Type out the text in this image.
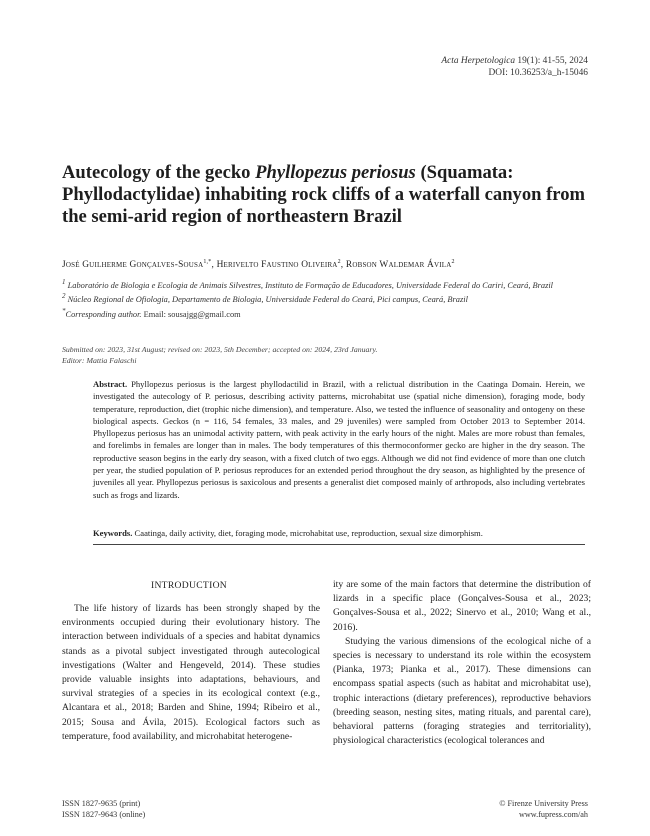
Acta Herpetologica 19(1): 41-55, 2024
DOI: 10.36253/a_h-15046
Autecology of the gecko Phyllopezus periosus (Squamata: Phyllodactylidae) inhabiting rock cliffs of a waterfall canyon from the semi-arid region of northeastern Brazil
José Guilherme Gonçalves-Sousa$^{1,*}$, Herivelto Faustino Oliveira$^2$, Robson Waldemar Ávila$^2$
$^1$ Laboratório de Biologia e Ecologia de Animais Silvestres, Instituto de Formação de Educadores, Universidade Federal do Cariri, Ceará, Brazil
$^2$ Núcleo Regional de Ofiologia, Departamento de Biologia, Universidade Federal do Ceará, Pici campus, Ceará, Brazil
*Corresponding author. Email: sousajgg@gmail.com
Submitted on: 2023, 31st August; revised on: 2023, 5th December; accepted on: 2024, 23rd January.
Editor: Mattia Falaschi
Abstract. Phyllopezus periosus is the largest phyllodactilid in Brazil, with a relictual distribution in the Caatinga Domain. Herein, we investigated the autecology of P. periosus, describing activity patterns, microhabitat use (spatial niche dimension), foraging mode, body temperature, reproduction, diet (trophic niche dimension), and temperature. Also, we tested the influence of seasonality and ontogeny on these biological aspects. Geckos (n = 116, 54 females, 33 males, and 29 juveniles) were sampled from October 2013 to September 2014. Phyllopezus periosus has an unimodal activity pattern, with peak activity in the early hours of the night. Males are more robust than females, and forelimbs in females are longer than in males. The body temperatures of this thermoconformer gecko are higher in the dry season. The reproductive season begins in the early dry season, with a fixed clutch of two eggs. Although we did not find evidence of more than one clutch per year, the studied population of P. periosus reproduces for an extended period throughout the dry season, as highlighted by the presence of juveniles all year. Phyllopezus periosus is saxicolous and presents a generalist diet composed mainly of arthropods, also including vertebrates such as frogs and lizards.
Keywords. Caatinga, daily activity, diet, foraging mode, microhabitat use, reproduction, sexual size dimorphism.
INTRODUCTION

The life history of lizards has been strongly shaped by the environments occupied during their evolutionary history. The interaction between individuals of a species and habitat dynamics stands as a pivotal subject investigated through autecological investigations (Walter and Hengeveld, 2014). These studies provide valuable insights into adaptations, behaviours, and survival strategies of a species in its ecological context (e.g., Alcantara et al., 2018; Barden and Shine, 1994; Ribeiro et al., 2015; Sousa and Ávila, 2015). Ecological factors such as temperature, food availability, and microhabitat heterogene-

ity are some of the main factors that determine the distribution of lizards in a specific place (Gonçalves-Sousa et al., 2023; Gonçalves-Sousa et al., 2022; Sinervo et al., 2010; Wang et al., 2016).

Studying the various dimensions of the ecological niche of a species is necessary to understand its role within the ecosystem (Pianka, 1973; Pianka et al., 2017). These dimensions can encompass spatial aspects (such as habitat and microhabitat use), trophic interactions (dietary preferences), reproductive behaviors (breeding season, nesting sites, mating rituals, and parental care), behavioral patterns (foraging strategies and territoriality), physiological characteristics (ecological tolerances and

ISSN 1827-9635 (print)
ISSN 1827-9643 (online)
© Firenze University Press
www.fupress.com/ah
